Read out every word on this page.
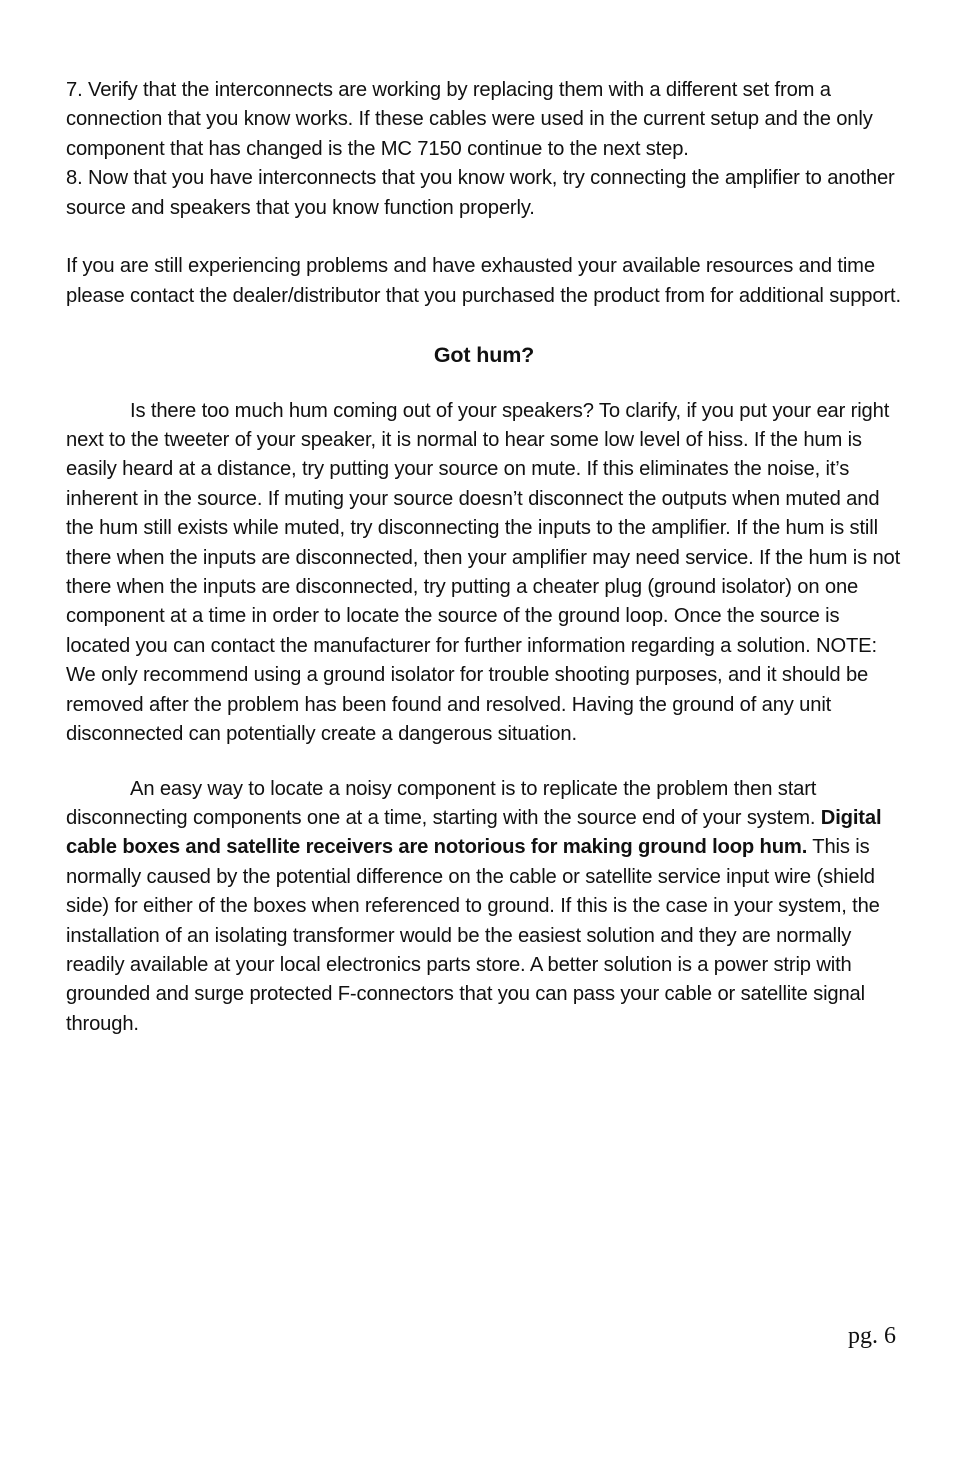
7. Verify that the interconnects are working by replacing them with a different set from a connection that you know works. If these cables were used in the current setup and the only component that has changed is the MC 7150 continue to the next step.

8. Now that you have interconnects that you know work, try connecting the amplifier to another source and speakers that you know function properly.

If you are still experiencing problems and have exhausted your available resources and time please contact the dealer/distributor that you purchased the product from for additional support.

Got hum?

Is there too much hum coming out of your speakers? To clarify, if you put your ear right next to the tweeter of your speaker, it is normal to hear some low level of hiss. If the hum is easily heard at a distance, try putting your source on mute. If this eliminates the noise, it’s inherent in the source. If muting your source doesn’t disconnect the outputs when muted and the hum still exists while muted, try disconnecting the inputs to the amplifier. If the hum is still there when the inputs are disconnected, then your amplifier may need service. If the hum is not there when the inputs are disconnected, try putting a cheater plug (ground isolator) on one component at a time in order to locate the source of the ground loop. Once the source is located you can contact the manufacturer for further information regarding a solution. NOTE: We only recommend using a ground isolator for trouble shooting purposes, and it should be removed after the problem has been found and resolved. Having the ground of any unit disconnected can potentially create a dangerous situation.

An easy way to locate a noisy component is to replicate the problem then start disconnecting components one at a time, starting with the source end of your system. Digital cable boxes and satellite receivers are notorious for making ground loop hum. This is normally caused by the potential difference on the cable or satellite service input wire (shield side) for either of the boxes when referenced to ground. If this is the case in your system, the installation of an isolating transformer would be the easiest solution and they are normally readily available at your local electronics parts store. A better solution is a power strip with grounded and surge protected F-connectors that you can pass your cable or satellite signal through.

pg. 6
